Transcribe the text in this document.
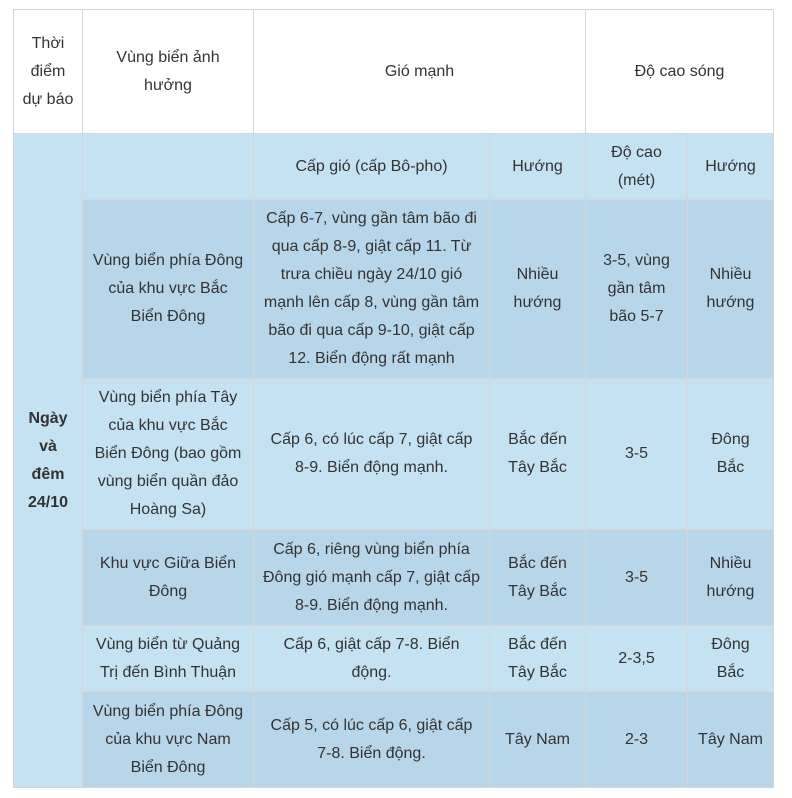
Thời điểm dự báo	Vùng biển ảnh hưởng	Gió mạnh		Độ cao sóng	
Ngày và đêm 24/10		Cấp gió (cấp Bô-pho)	Hướng	Độ cao (mét)	Hướng
	Vùng biển phía Đông của khu vực Bắc Biển Đông	Cấp 6-7, vùng gần tâm bão đi qua cấp 8-9, giật cấp 11. Từ trưa chiều ngày 24/10 gió mạnh lên cấp 8, vùng gần tâm bão đi qua cấp 9-10, giật cấp 12. Biển động rất mạnh	Nhiều hướng	3-5, vùng gần tâm bão 5-7	Nhiều hướng
	Vùng biển phía Tây của khu vực Bắc Biển Đông (bao gồm vùng biển quần đảo Hoàng Sa)	Cấp 6, có lúc cấp 7, giật cấp 8-9. Biển động mạnh.	Bắc đến Tây Bắc	3-5	Đông Bắc
	Khu vực Giữa Biển Đông	Cấp 6, riêng vùng biển phía Đông gió mạnh cấp 7, giật cấp 8-9. Biển động mạnh.	Bắc đến Tây Bắc	3-5	Nhiều hướng
	Vùng biển từ Quảng Trị đến Bình Thuận	Cấp 6, giật cấp 7-8. Biển động.	Bắc đến Tây Bắc	2-3,5	Đông Bắc
	Vùng biển phía Đông của khu vực Nam Biển Đông	Cấp 5, có lúc cấp 6, giật cấp 7-8. Biển động.	Tây Nam	2-3	Tây Nam
